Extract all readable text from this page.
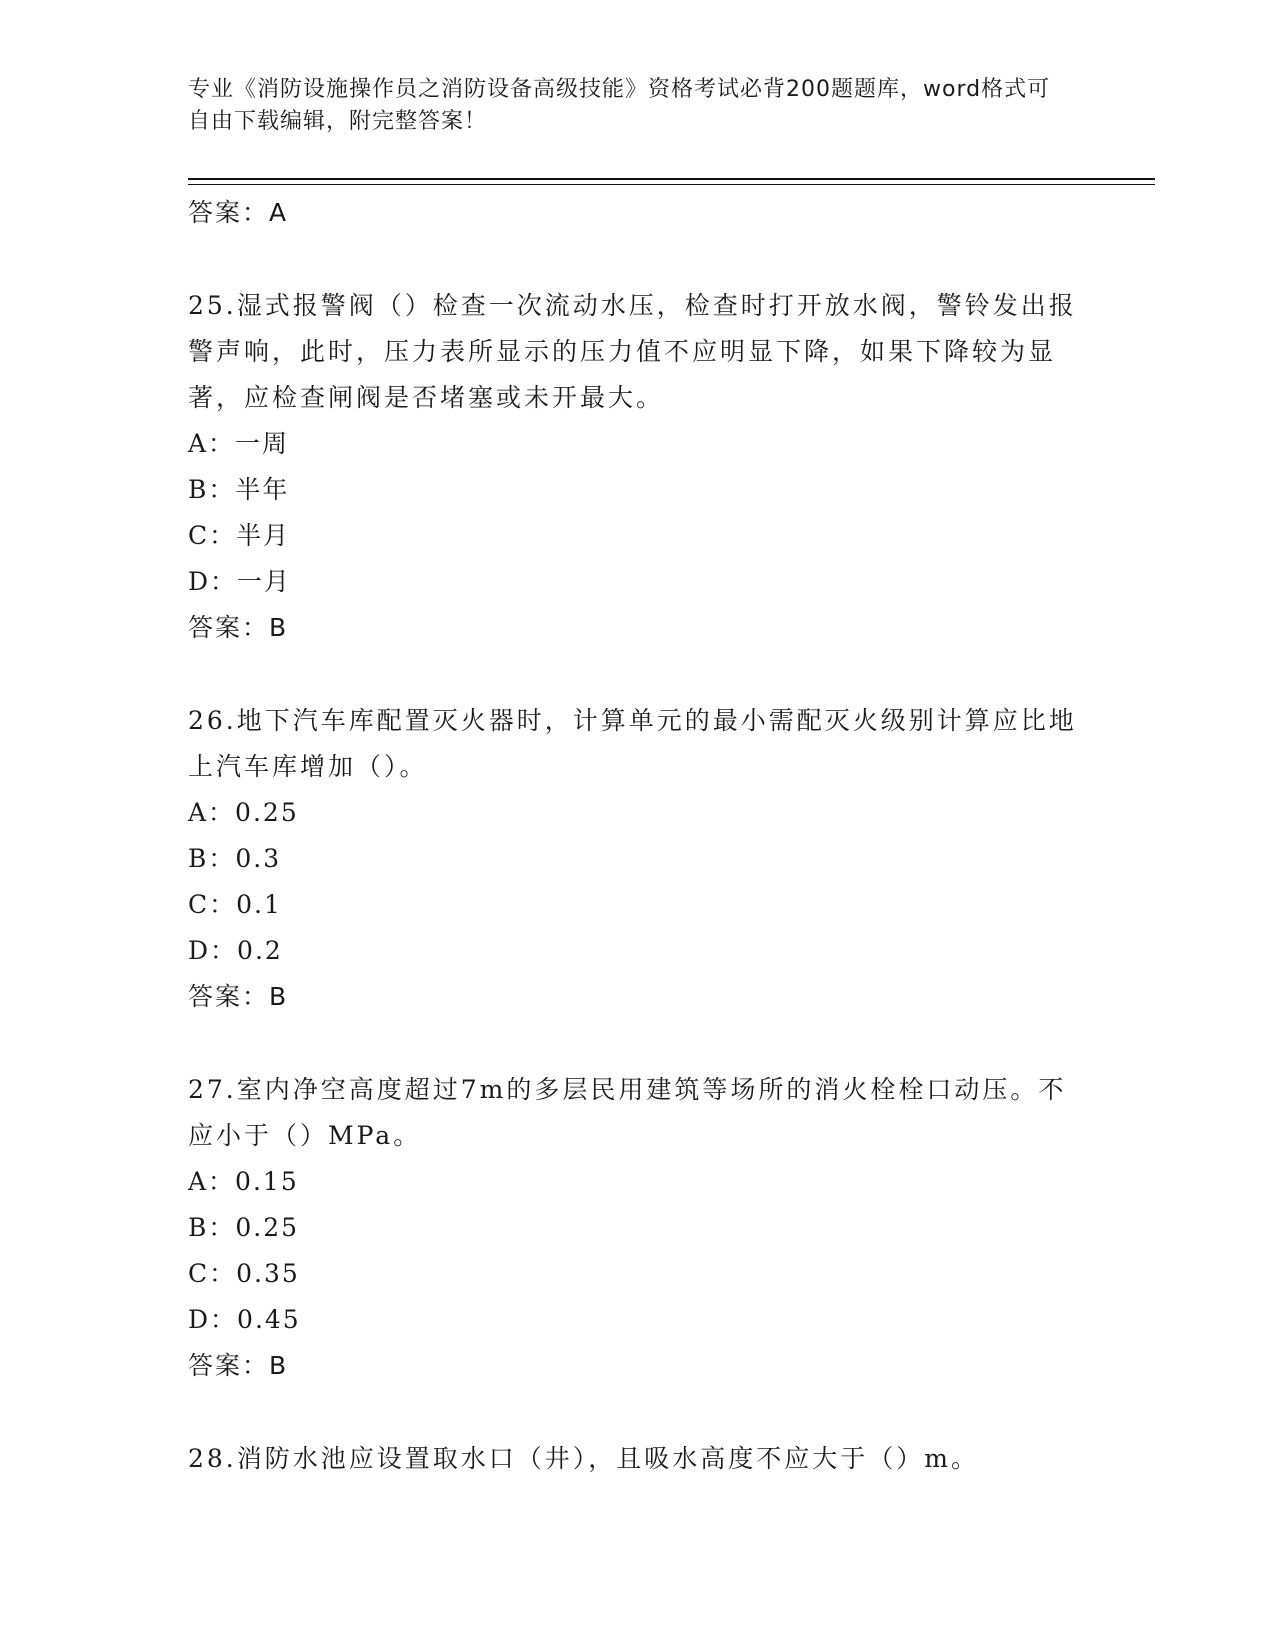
专业《消防设施操作员之消防设备高级技能》资格考试必背200题题库，word格式可自由下载编辑，附完整答案！
答案：A
25.湿式报警阀（）检查一次流动水压，检查时打开放水阀，警铃发出报警声响，此时，压力表所显示的压力值不应明显下降，如果下降较为显著，应检查闸阀是否堵塞或未开最大。
A：一周
B：半年
C：半月
D：一月
答案：B
26.地下汽车库配置灭火器时，计算单元的最小需配灭火级别计算应比地上汽车库增加（）。
A：0.25
B：0.3
C：0.1
D：0.2
答案：B
27.室内净空高度超过7m的多层民用建筑等场所的消火栓栓口动压。不应小于（）MPa。
A：0.15
B：0.25
C：0.35
D：0.45
答案：B
28.消防水池应设置取水口（井），且吸水高度不应大于（）m。
